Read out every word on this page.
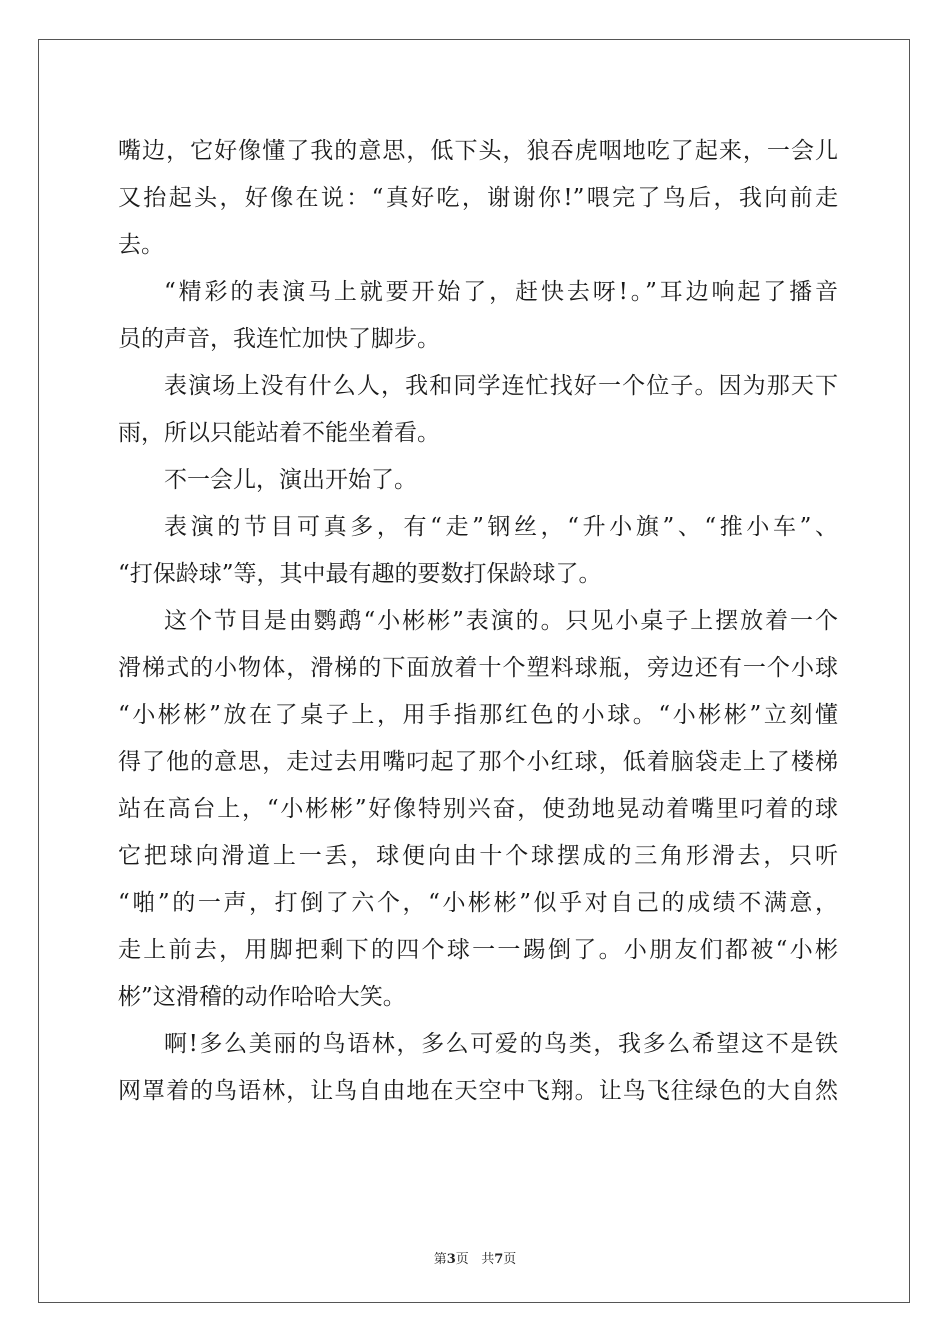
嘴边，它好像懂了我的意思，低下头，狼吞虎咽地吃了起来，一会儿
又抬起头，好像在说：“真好吃，谢谢你!”喂完了鸟后，我向前走
去。
“精彩的表演马上就要开始了，赶快去呀!。”耳边响起了播音
员的声音，我连忙加快了脚步。
表演场上没有什么人，我和同学连忙找好一个位子。因为那天下
雨，所以只能站着不能坐着看。
不一会儿，演出开始了。
表演的节目可真多，有“走”钢丝，“升小旗”、“推小车”、
“打保龄球”等，其中最有趣的要数打保龄球了。
这个节目是由鹦鹉“小彬彬”表演的。只见小桌子上摆放着一个
滑梯式的小物体，滑梯的下面放着十个塑料球瓶，旁边还有一个小球
“小彬彬”放在了桌子上，用手指那红色的小球。“小彬彬”立刻懂
得了他的意思，走过去用嘴叼起了那个小红球，低着脑袋走上了楼梯
站在高台上，“小彬彬”好像特别兴奋，使劲地晃动着嘴里叼着的球
它把球向滑道上一丢，球便向由十个球摆成的三角形滑去，只听
“啪”的一声，打倒了六个，“小彬彬”似乎对自己的成绩不满意，
走上前去，用脚把剩下的四个球一一踢倒了。小朋友们都被“小彬
彬”这滑稽的动作哈哈大笑。
啊!多么美丽的鸟语林，多么可爱的鸟类，我多么希望这不是铁
网罩着的鸟语林，让鸟自由地在天空中飞翔。让鸟飞往绿色的大自然
第3页 共7页
